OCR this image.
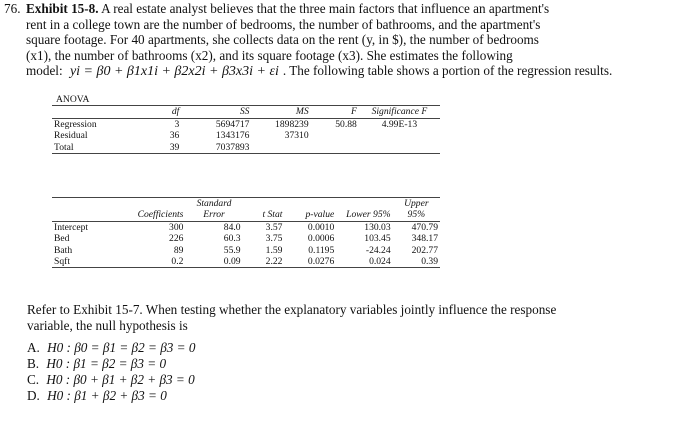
76. Exhibit 15-8. A real estate analyst believes that the three main factors that influence an apartment's
rent in a college town are the number of bedrooms, the number of bathrooms, and the apartment's
square footage. For 40 apartments, she collects data on the rent (y, in $), the number of bedrooms
(x1), the number of bathrooms (x2), and its square footage (x3). She estimates the following
model: yi = β0 + β1x1i + β2x2i + β3x3i + εi . The following table shows a portion of the regression results.
ANOVA
	df	SS	MS	F	Significance F
Regression	3	5694717	1898239	50.88	4.99E-13
Residual	36	1343176	37310		
Total	39	7037893			
	Coefficients	Standard Error	t Stat	p-value	Lower 95%	Upper 95%
Intercept	300	84.0	3.57	0.0010	130.03	470.79
Bed	226	60.3	3.75	0.0006	103.45	348.17
Bath	89	55.9	1.59	0.1195	-24.24	202.77
Sqft	0.2	0.09	2.22	0.0276	0.024	0.39
Refer to Exhibit 15-7. When testing whether the explanatory variables jointly influence the response
variable, the null hypothesis is
A. H0 : β0 = β1 = β2 = β3 = 0
B. H0 : β1 = β2 = β3 = 0
C. H0 : β0 + β1 + β2 + β3 = 0
D. H0 : β1 + β2 + β3 = 0
